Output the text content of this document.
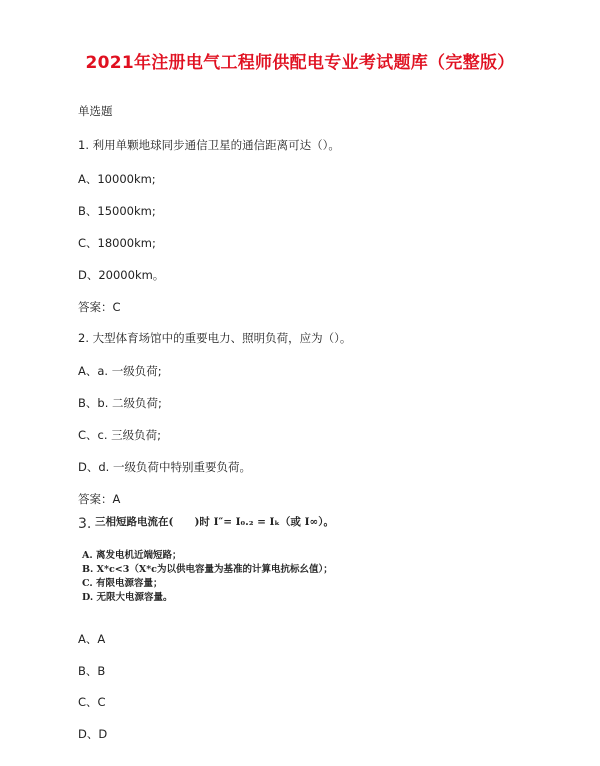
2021年注册电气工程师供配电专业考试题库（完整版）
单选题
1. 利用单颗地球同步通信卫星的通信距离可达（）。
A、10000km;
B、15000km;
C、18000km;
D、20000km。
答案：C
2. 大型体育场馆中的重要电力、照明负荷，应为（）。
A、a. 一级负荷;
B、b. 二级负荷;
C、c. 三级负荷;
D、d. 一级负荷中特别重要负荷。
答案：A
3. 三相短路电流在(　　)时 I″= I₀.₂ = Iₖ（或 I∞）。
A. 离发电机近端短路；
B. X*c<3（X*c为以供电容量为基准的计算电抗标幺值）；
C. 有限电源容量；
D. 无限大电源容量。
A、A
B、B
C、C
D、D
